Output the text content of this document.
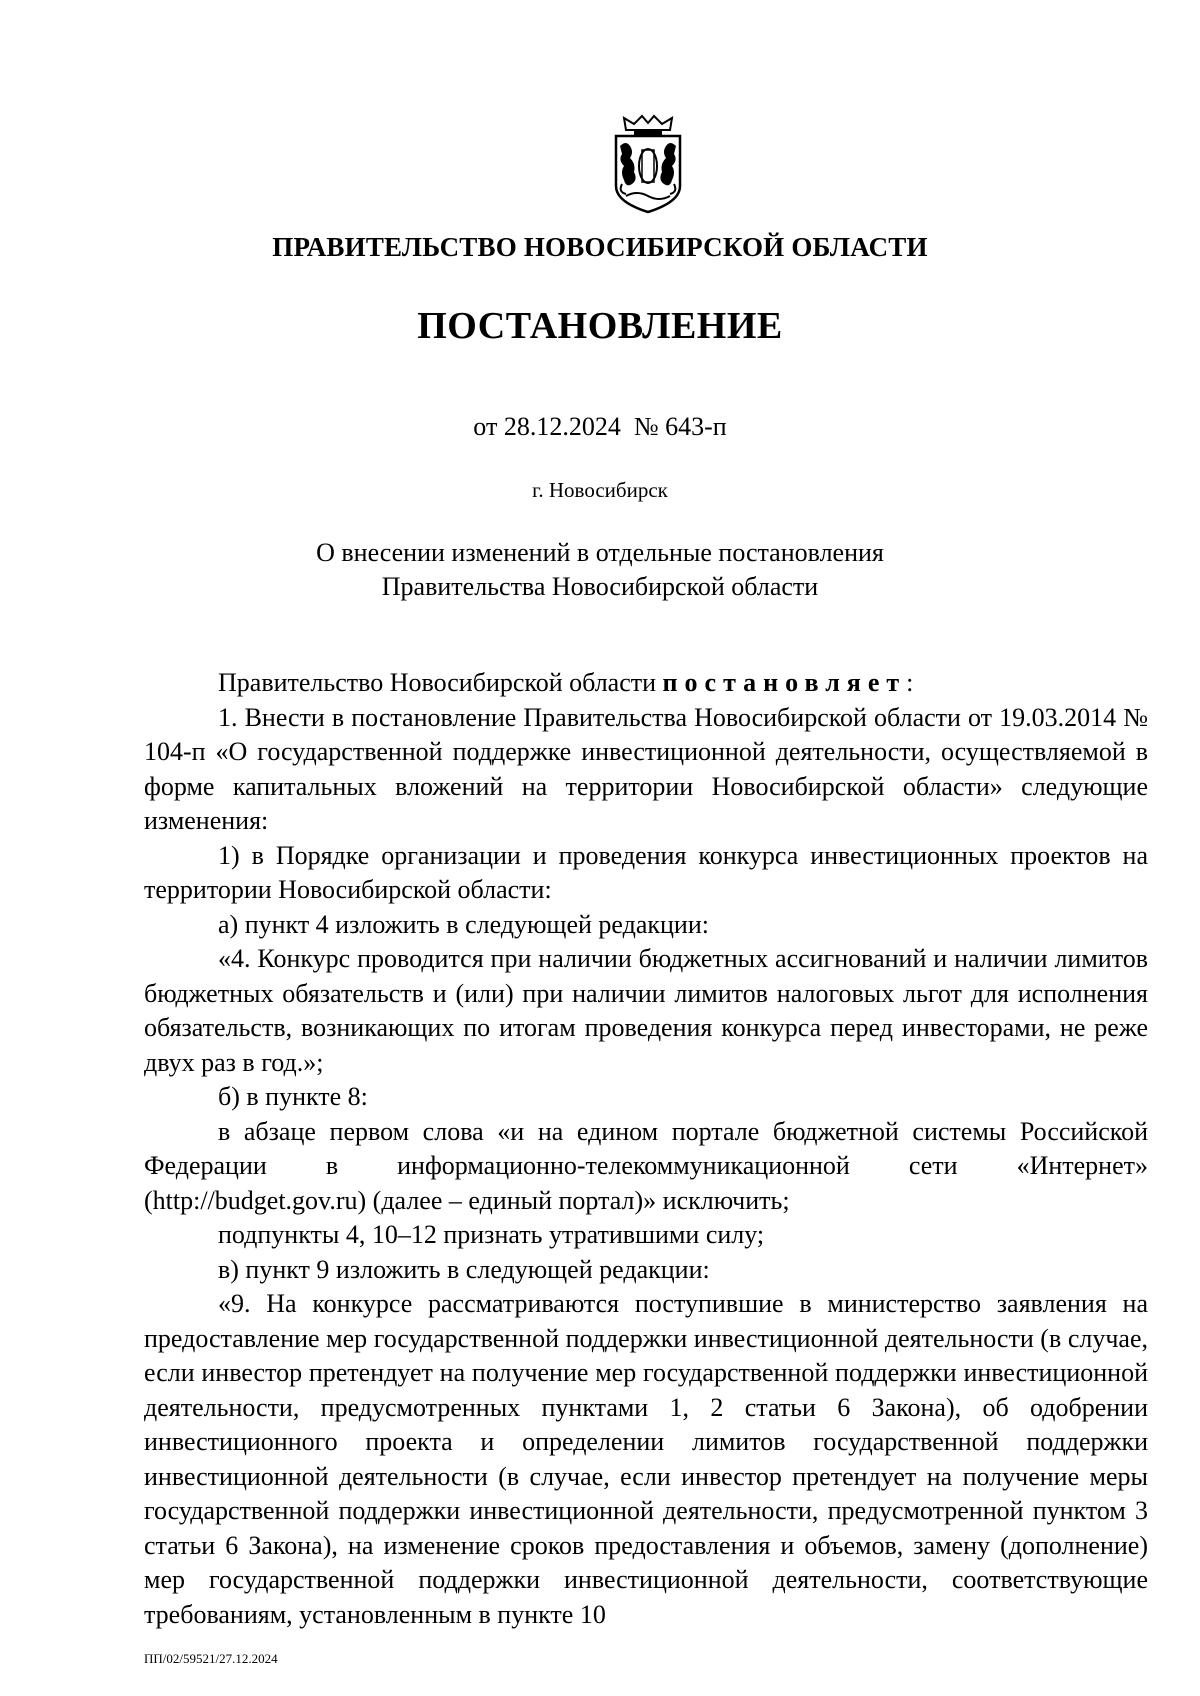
ПРАВИТЕЛЬСТВО НОВОСИБИРСКОЙ ОБЛАСТИ
ПОСТАНОВЛЕНИЕ
от 28.12.2024  № 643-п
г. Новосибирск
О внесении изменений в отдельные постановления
Правительства Новосибирской области

Правительство Новосибирской области постановляет:

1. Внести в постановление Правительства Новосибирской области от 19.03.2014 № 104-п «О государственной поддержке инвестиционной деятельности, осуществляемой в форме капитальных вложений на территории Новосибирской области» следующие изменения:

1) в Порядке организации и проведения конкурса инвестиционных проектов на территории Новосибирской области:

а) пункт 4 изложить в следующей редакции:

«4. Конкурс проводится при наличии бюджетных ассигнований и наличии лимитов бюджетных обязательств и (или) при наличии лимитов налоговых льгот для исполнения обязательств, возникающих по итогам проведения конкурса перед инвесторами, не реже двух раз в год.»;

б) в пункте 8:

в абзаце первом слова «и на едином портале бюджетной системы Российской Федерации в информационно-телекоммуникационной сети «Интернет» (http://budget.gov.ru) (далее – единый портал)» исключить;

подпункты 4, 10–12 признать утратившими силу;

в) пункт 9 изложить в следующей редакции:

«9. На конкурсе рассматриваются поступившие в министерство заявления на предоставление мер государственной поддержки инвестиционной деятельности (в случае, если инвестор претендует на получение мер государственной поддержки инвестиционной деятельности, предусмотренных пунктами 1, 2 статьи 6 Закона), об одобрении инвестиционного проекта и определении лимитов государственной поддержки инвестиционной деятельности (в случае, если инвестор претендует на получение меры государственной поддержки инвестиционной деятельности, предусмотренной пунктом 3 статьи 6 Закона), на изменение сроков предоставления и объемов, замену (дополнение) мер государственной поддержки инвестиционной деятельности, соответствующие требованиям, установленным в пункте 10

ПП/02/59521/27.12.2024
